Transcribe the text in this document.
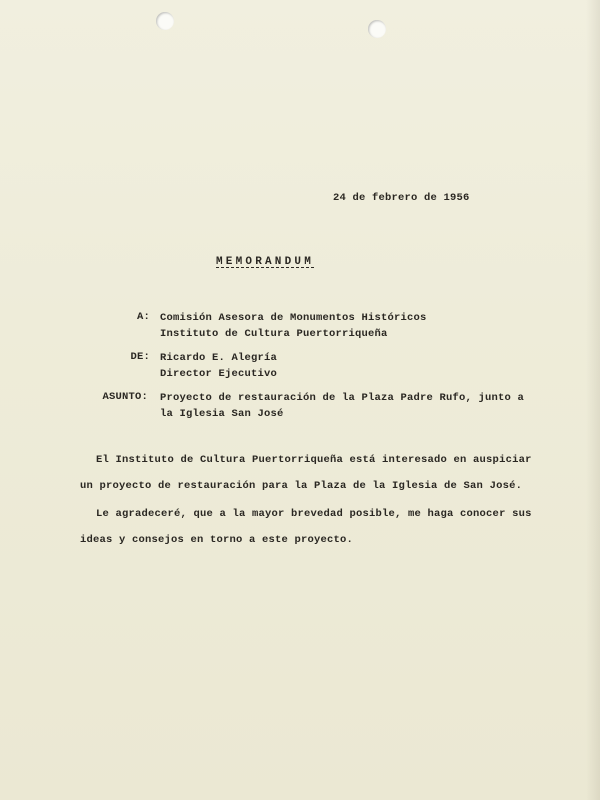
24 de febrero de 1956
MEMORANDUM
A: Comisión Asesora de Monumentos Históricos
Instituto de Cultura Puertorriqueña
DE: Ricardo E. Alegría
Director Ejecutivo
ASUNTO: Proyecto de restauración de la Plaza Padre Rufo, junto a
la Iglesia San José
El Instituto de Cultura Puertorriqueña está interesado en auspiciar
un proyecto de restauración para la Plaza de la Iglesia de San José.
Le agradeceré, que a la mayor brevedad posible, me haga conocer sus
ideas y consejos en torno a este proyecto.
